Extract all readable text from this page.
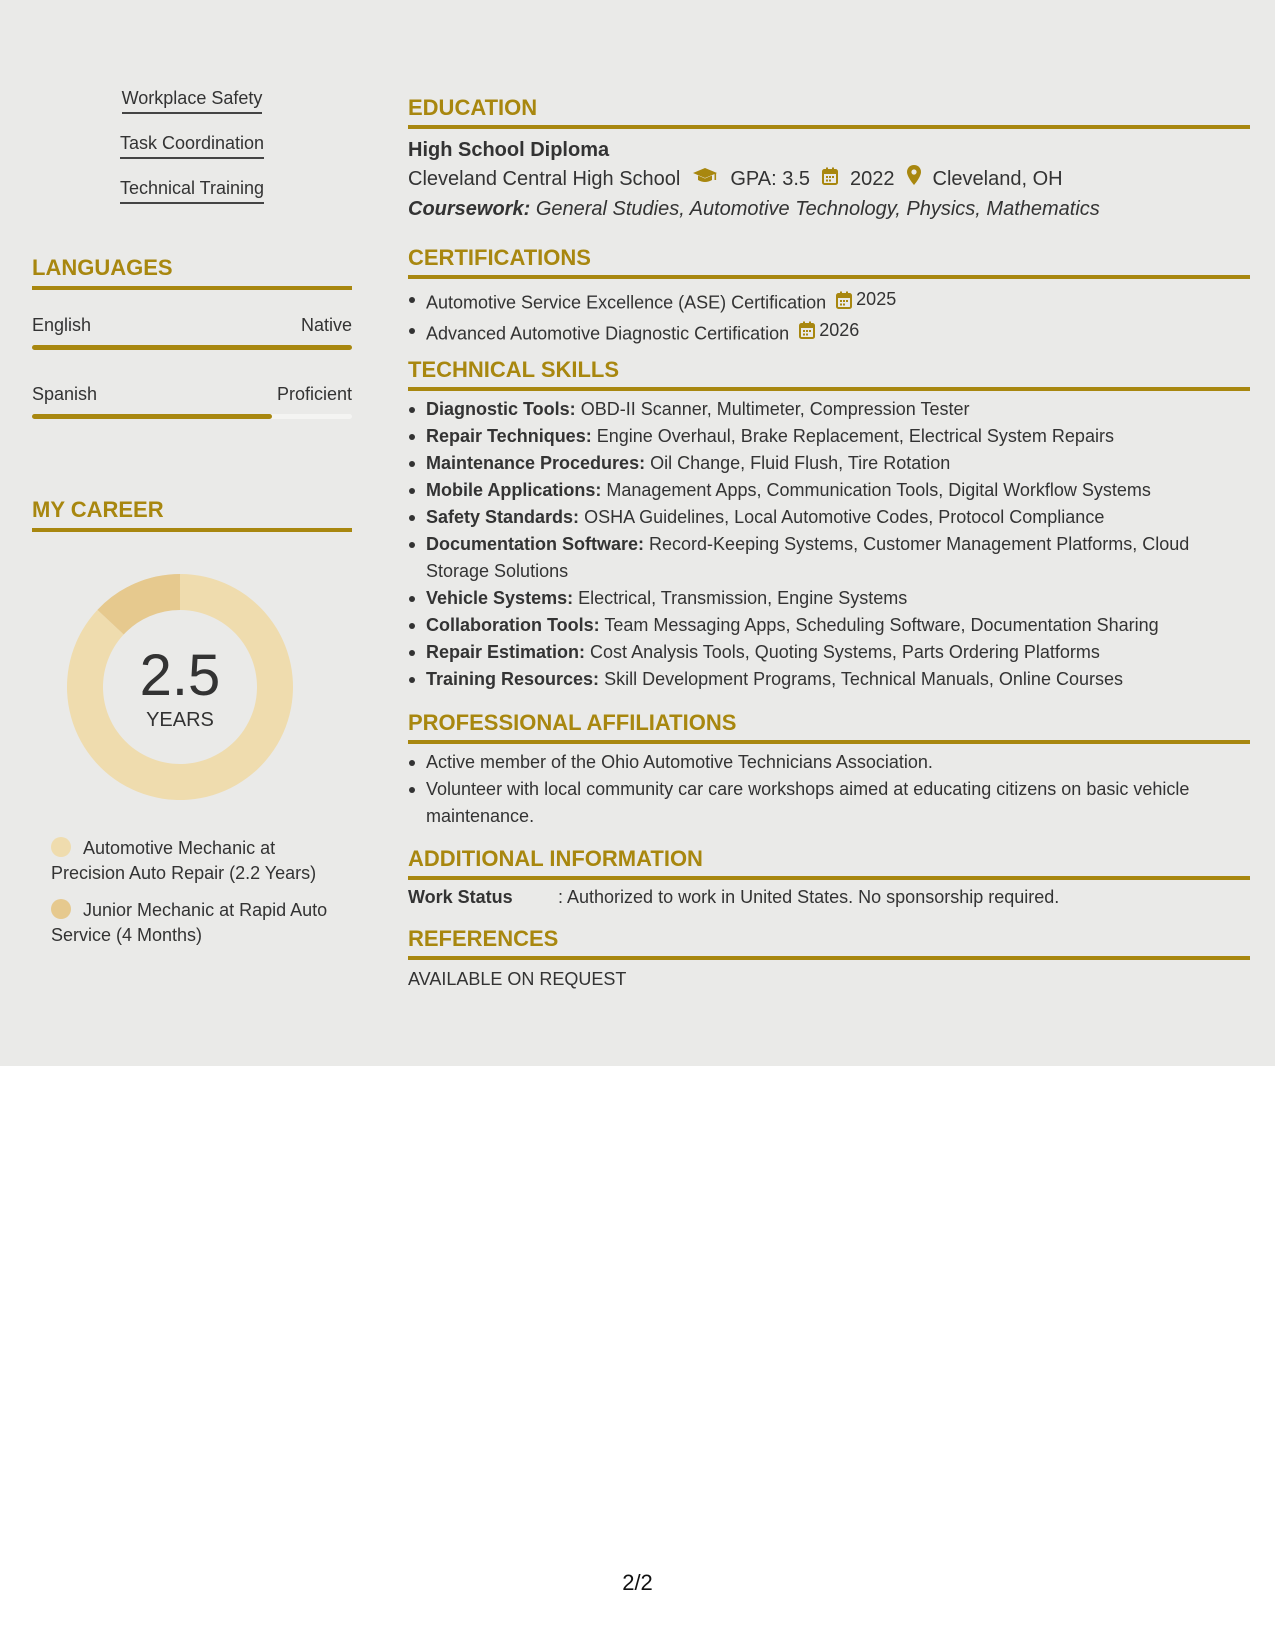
Workplace Safety
Task Coordination
Technical Training
LANGUAGES
English	Native
Spanish	Proficient
MY CAREER
2.5
YEARS
Automotive Mechanic at Precision Auto Repair (2.2 Years)
Junior Mechanic at Rapid Auto Service (4 Months)
EDUCATION
High School Diploma
Cleveland Central High School	GPA: 3.5 2022 Cleveland, OH
Coursework: General Studies, Automotive Technology, Physics, Mathematics
CERTIFICATIONS
Automotive Service Excellence (ASE) Certification 2025
Advanced Automotive Diagnostic Certification 2026
TECHNICAL SKILLS
Diagnostic Tools: OBD-II Scanner, Multimeter, Compression Tester
Repair Techniques: Engine Overhaul, Brake Replacement, Electrical System Repairs
Maintenance Procedures: Oil Change, Fluid Flush, Tire Rotation
Mobile Applications: Management Apps, Communication Tools, Digital Workflow Systems
Safety Standards: OSHA Guidelines, Local Automotive Codes, Protocol Compliance
Documentation Software: Record-Keeping Systems, Customer Management Platforms, Cloud Storage Solutions
Vehicle Systems: Electrical, Transmission, Engine Systems
Collaboration Tools: Team Messaging Apps, Scheduling Software, Documentation Sharing
Repair Estimation: Cost Analysis Tools, Quoting Systems, Parts Ordering Platforms
Training Resources: Skill Development Programs, Technical Manuals, Online Courses
PROFESSIONAL AFFILIATIONS
Active member of the Ohio Automotive Technicians Association.
Volunteer with local community car care workshops aimed at educating citizens on basic vehicle maintenance.
ADDITIONAL INFORMATION
Work Status	: Authorized to work in United States. No sponsorship required.
REFERENCES
AVAILABLE ON REQUEST
2/2
